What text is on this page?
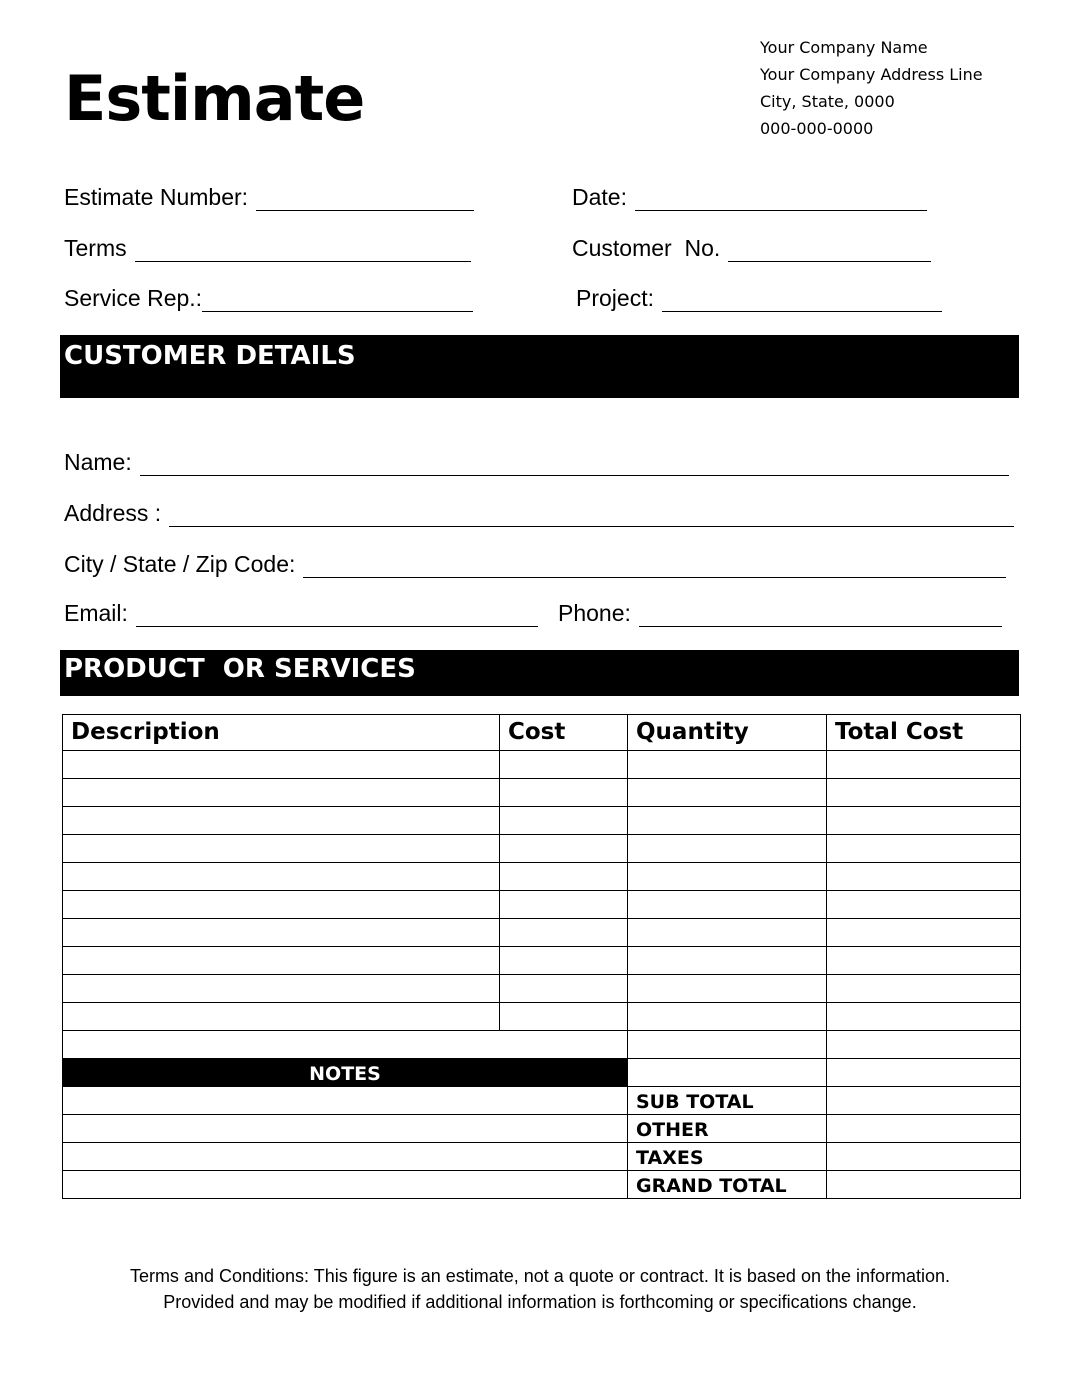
Estimate
Your Company Name
Your Company Address Line
City, State, 0000
000-000-0000
Estimate Number:	Date:
Terms	Customer  No.
Service Rep.:	Project:
CUSTOMER DETAILS
Name:
Address :
City / State / Zip Code:
Email:	Phone:
PRODUCT  OR SERVICES
Description	Cost	Quantity	Total Cost

NOTES			
		SUB TOTAL	
		OTHER	
		TAXES	
		GRAND TOTAL	
Terms and Conditions: This figure is an estimate, not a quote or contract. It is based on the information.
Provided and may be modified if additional information is forthcoming or specifications change.
